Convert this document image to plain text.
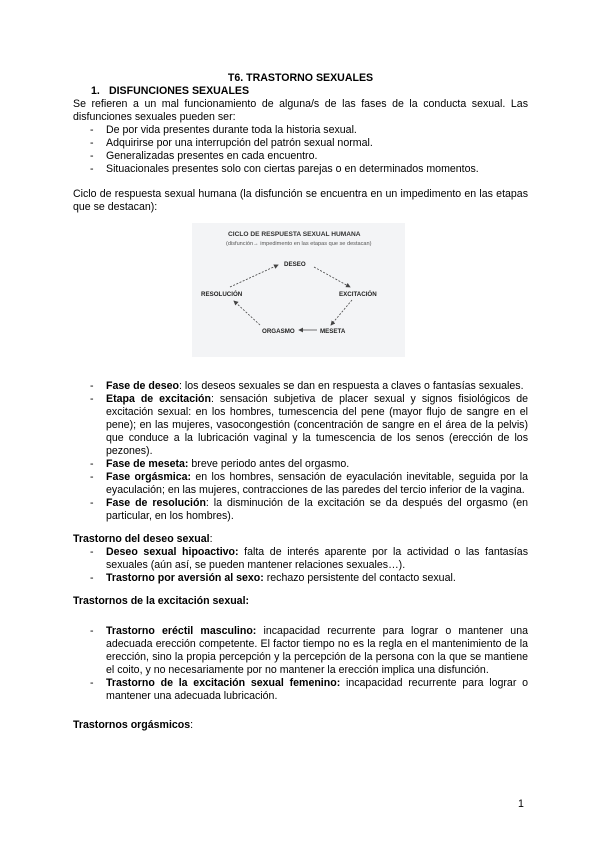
T6. TRASTORNO SEXUALES

1. DISFUNCIONES SEXUALES

Se refieren a un mal funcionamiento de alguna/s de las fases de la conducta sexual. Las disfunciones sexuales pueden ser:

- De por vida presentes durante toda la historia sexual.
- Adquirirse por una interrupción del patrón sexual normal.
- Generalizadas presentes en cada encuentro.
- Situacionales presentes solo con ciertas parejas o en determinados momentos.

Ciclo de respuesta sexual humana (la disfunción se encuentra en un impedimento en las etapas que se destacan):

CICLO DE RESPUESTA SEXUAL HUMANA
(disfunción→ impedimento en las etapas que se destacan)
DESEO
EXCITACIÓN
MESETA
ORGASMO
RESOLUCIÓN
- Fase de deseo: los deseos sexuales se dan en respuesta a claves o fantasías sexuales.
- Etapa de excitación: sensación subjetiva de placer sexual y signos fisiológicos de excitación sexual: en los hombres, tumescencia del pene (mayor flujo de sangre en el pene); en las mujeres, vasocongestión (concentración de sangre en el área de la pelvis) que conduce a la lubricación vaginal y la tumescencia de los senos (erección de los pezones).
- Fase de meseta: breve periodo antes del orgasmo.
- Fase orgásmica: en los hombres, sensación de eyaculación inevitable, seguida por la eyaculación; en las mujeres, contracciones de las paredes del tercio inferior de la vagina.
- Fase de resolución: la disminución de la excitación se da después del orgasmo (en particular, en los hombres).

Trastorno del deseo sexual:

- Deseo sexual hipoactivo: falta de interés aparente por la actividad o las fantasías sexuales (aún así, se pueden mantener relaciones sexuales…).
- Trastorno por aversión al sexo: rechazo persistente del contacto sexual.

Trastornos de la excitación sexual:

- Trastorno eréctil masculino: incapacidad recurrente para lograr o mantener una adecuada erección competente. El factor tiempo no es la regla en el mantenimiento de la erección, sino la propia percepción y la percepción de la persona con la que se mantiene el coito, y no necesariamente por no mantener la erección implica una disfunción.
- Trastorno de la excitación sexual femenino: incapacidad recurrente para lograr o mantener una adecuada lubricación.

Trastornos orgásmicos:

1
